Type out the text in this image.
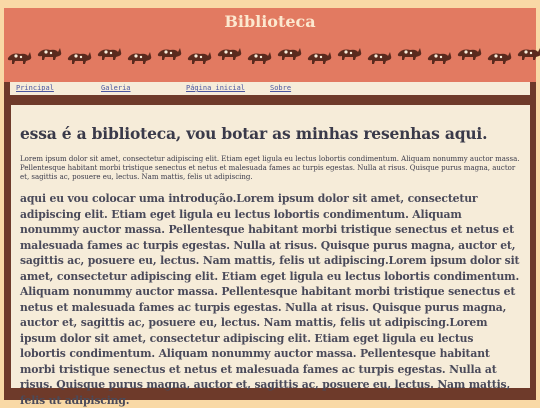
Biblioteca
Principal	Galeria	Página inicial	Sobre
essa é a biblioteca, vou botar as minhas resenhas aqui.

Lorem ipsum dolor sit amet, consectetur adipiscing elit. Etiam eget ligula eu lectus lobortis condimentum. Aliquam nonummy auctor massa. Pellentesque habitant morbi tristique senectus et netus et malesuada fames ac turpis egestas. Nulla at risus. Quisque purus magna, auctor et, sagittis ac, posuere eu, lectus. Nam mattis, felis ut adipiscing.

aqui eu vou colocar uma introdução.Lorem ipsum dolor sit amet, consectetur adipiscing elit. Etiam eget ligula eu lectus lobortis condimentum. Aliquam nonummy auctor massa. Pellentesque habitant morbi tristique senectus et netus et malesuada fames ac turpis egestas. Nulla at risus. Quisque purus magna, auctor et, sagittis ac, posuere eu, lectus. Nam mattis, felis ut adipiscing.Lorem ipsum dolor sit amet, consectetur adipiscing elit. Etiam eget ligula eu lectus lobortis condimentum. Aliquam nonummy auctor massa. Pellentesque habitant morbi tristique senectus et netus et malesuada fames ac turpis egestas. Nulla at risus. Quisque purus magna, auctor et, sagittis ac, posuere eu, lectus. Nam mattis, felis ut adipiscing.Lorem ipsum dolor sit amet, consectetur adipiscing elit. Etiam eget ligula eu lectus lobortis condimentum. Aliquam nonummy auctor massa. Pellentesque habitant morbi tristique senectus et netus et malesuada fames ac turpis egestas. Nulla at risus. Quisque purus magna, auctor et, sagittis ac, posuere eu, lectus. Nam mattis, felis ut adipiscing.
